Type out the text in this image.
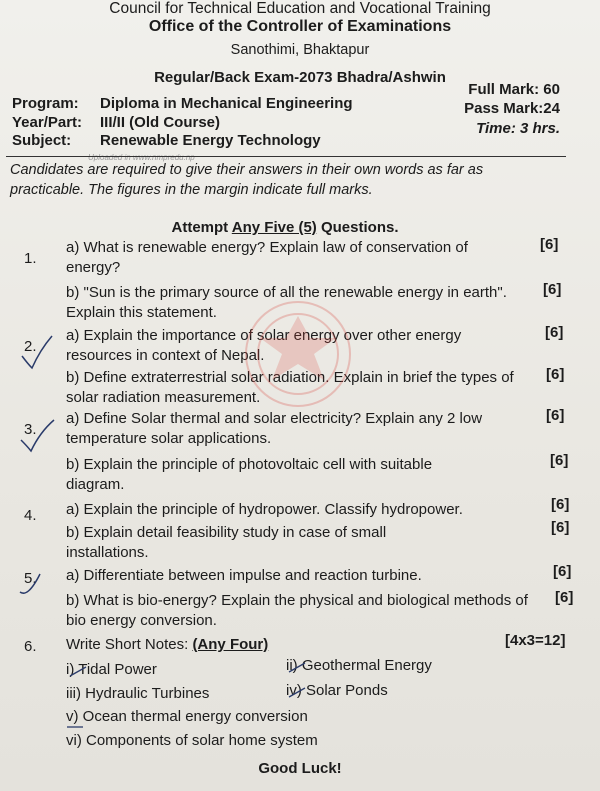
Council for Technical Education and Vocational Training
Office of the Controller of Examinations
Sanothimi, Bhaktapur
Regular/Back Exam-2073 Bhadra/Ashwin
Program: Diploma in Mechanical Engineering
Year/Part: III/II (Old Course)
Subject: Renewable Energy Technology
Full Mark: 60
Pass Mark:24
Time: 3 hrs.
Uploaded in www.nmpredu.np
Candidates are required to give their answers in their own words as far as
practicable. The figures in the margin indicate full marks.
Attempt Any Five (5) Questions.
1.
a) What is renewable energy? Explain law of conservation of energy?
[6]
b) "Sun is the primary source of all the renewable energy in earth". Explain this statement.
[6]
2.
a) Explain the importance of solar energy over other energy resources in context of Nepal.
[6]
b) Define extraterrestrial solar radiation. Explain in brief the types of solar radiation measurement.
[6]
3.
a) Define Solar thermal and solar electricity? Explain any 2 low temperature solar applications.
[6]
b) Explain the principle of photovoltaic cell with suitable diagram.
[6]
4. a) Explain the principle of hydropower. Classify hydropower.	[6]
b) Explain detail feasibility study in case of small installations.
[6]
5. a) Differentiate between impulse and reaction turbine.	[6]
b) What is bio-energy? Explain the physical and biological methods of bio energy conversion.
[6]
6. Write Short Notes: (Any Four)	[4x3=12]
i) Tidal Power	ii) Geothermal Energy
iii) Hydraulic Turbines	iv) Solar Ponds
v) Ocean thermal energy conversion
vi) Components of solar home system
Good Luck!
